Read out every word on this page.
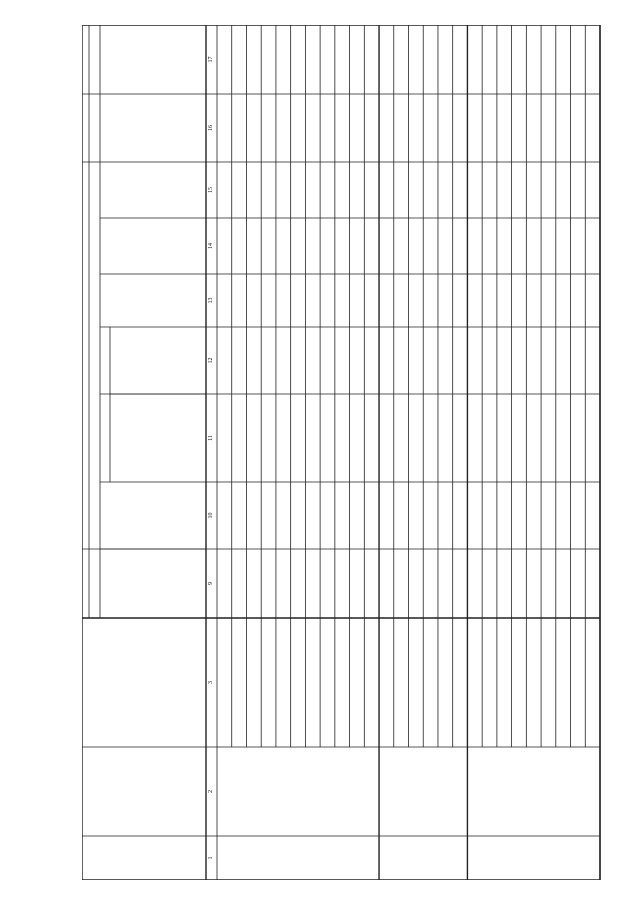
1
2
3
9
10
11
12
13
14
15
16
17
